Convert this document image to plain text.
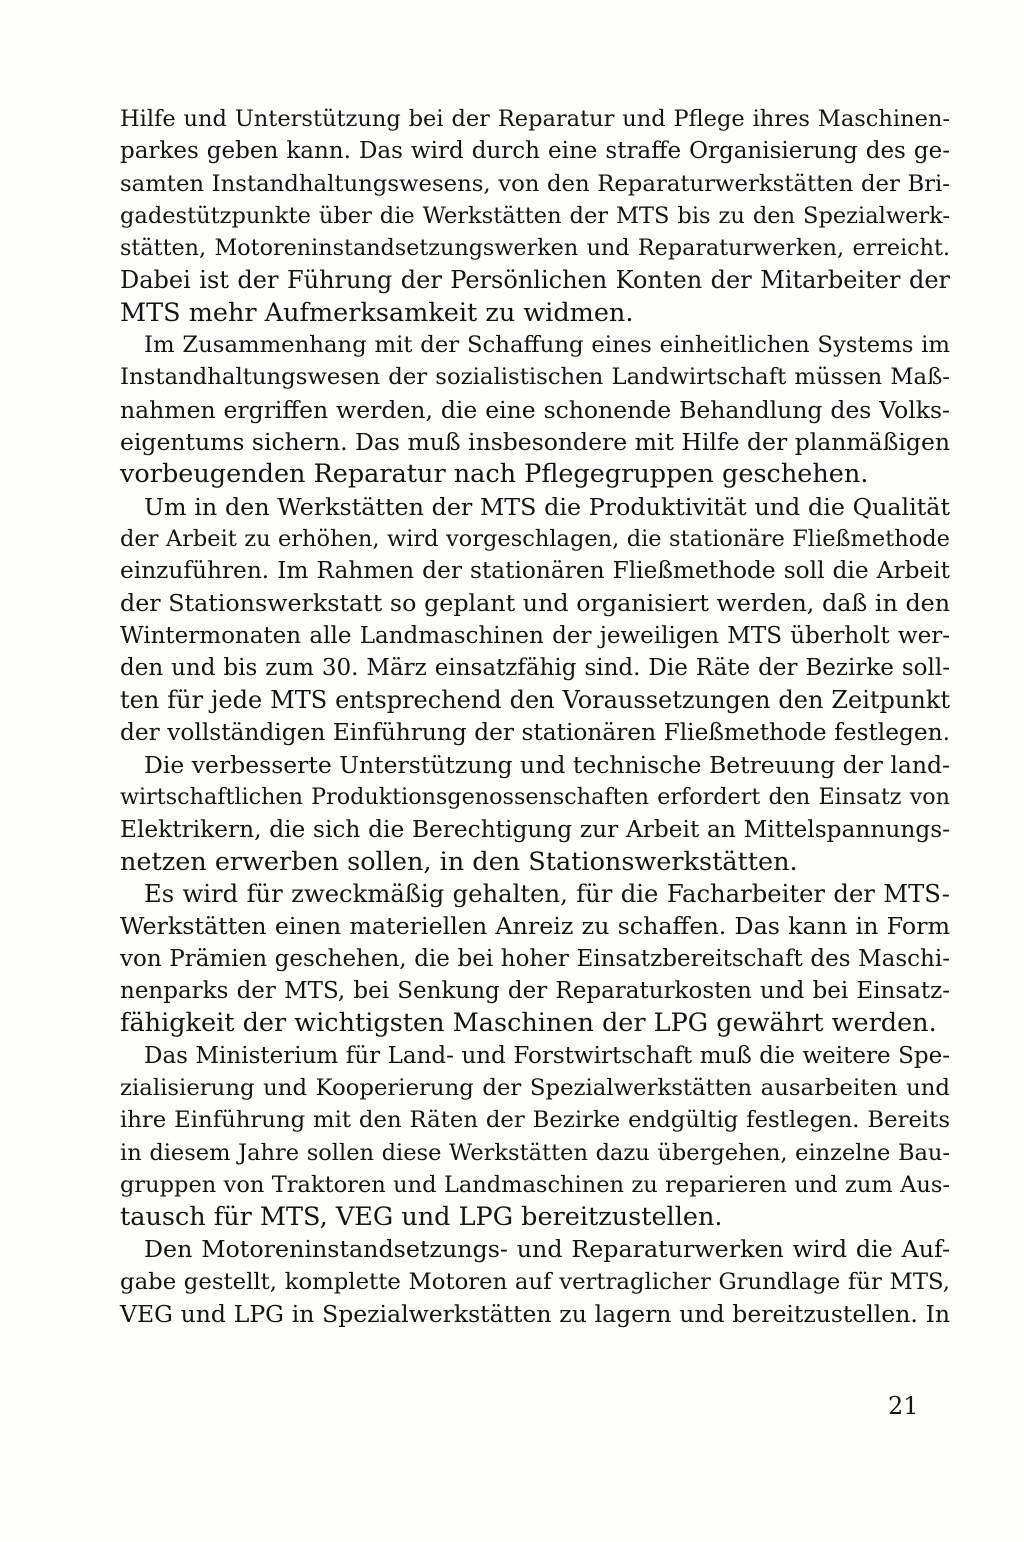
Hilfe und Unterstützung bei der Reparatur und Pflege ihres Maschinen-
parkes geben kann. Das wird durch eine straffe Organisierung des ge-
samten Instandhaltungswesens, von den Reparaturwerkstätten der Bri-
gadestützpunkte über die Werkstätten der MTS bis zu den Spezialwerk-
stätten, Motoreninstandsetzungswerken und Reparaturwerken, erreicht.
Dabei ist der Führung der Persönlichen Konten der Mitarbeiter der
MTS mehr Aufmerksamkeit zu widmen.
Im Zusammenhang mit der Schaffung eines einheitlichen Systems im
Instandhaltungswesen der sozialistischen Landwirtschaft müssen Maß-
nahmen ergriffen werden, die eine schonende Behandlung des Volks-
eigentums sichern. Das muß insbesondere mit Hilfe der planmäßigen
vorbeugenden Reparatur nach Pflegegruppen geschehen.
Um in den Werkstätten der MTS die Produktivität und die Qualität
der Arbeit zu erhöhen, wird vorgeschlagen, die stationäre Fließmethode
einzuführen. Im Rahmen der stationären Fließmethode soll die Arbeit
der Stationswerkstatt so geplant und organisiert werden, daß in den
Wintermonaten alle Landmaschinen der jeweiligen MTS überholt wer-
den und bis zum 30. März einsatzfähig sind. Die Räte der Bezirke soll-
ten für jede MTS entsprechend den Voraussetzungen den Zeitpunkt
der vollständigen Einführung der stationären Fließmethode festlegen.
Die verbesserte Unterstützung und technische Betreuung der land-
wirtschaftlichen Produktionsgenossenschaften erfordert den Einsatz von
Elektrikern, die sich die Berechtigung zur Arbeit an Mittelspannungs-
netzen erwerben sollen, in den Stationswerkstätten.
Es wird für zweckmäßig gehalten, für die Facharbeiter der MTS-
Werkstätten einen materiellen Anreiz zu schaffen. Das kann in Form
von Prämien geschehen, die bei hoher Einsatzbereitschaft des Maschi-
nenparks der MTS, bei Senkung der Reparaturkosten und bei Einsatz-
fähigkeit der wichtigsten Maschinen der LPG gewährt werden.
Das Ministerium für Land- und Forstwirtschaft muß die weitere Spe-
zialisierung und Kooperierung der Spezialwerkstätten ausarbeiten und
ihre Einführung mit den Räten der Bezirke endgültig festlegen. Bereits
in diesem Jahre sollen diese Werkstätten dazu übergehen, einzelne Bau-
gruppen von Traktoren und Landmaschinen zu reparieren und zum Aus-
tausch für MTS, VEG und LPG bereitzustellen.
Den Motoreninstandsetzungs- und Reparaturwerken wird die Auf-
gabe gestellt, komplette Motoren auf vertraglicher Grundlage für MTS,
VEG und LPG in Spezialwerkstätten zu lagern und bereitzustellen. In
21
